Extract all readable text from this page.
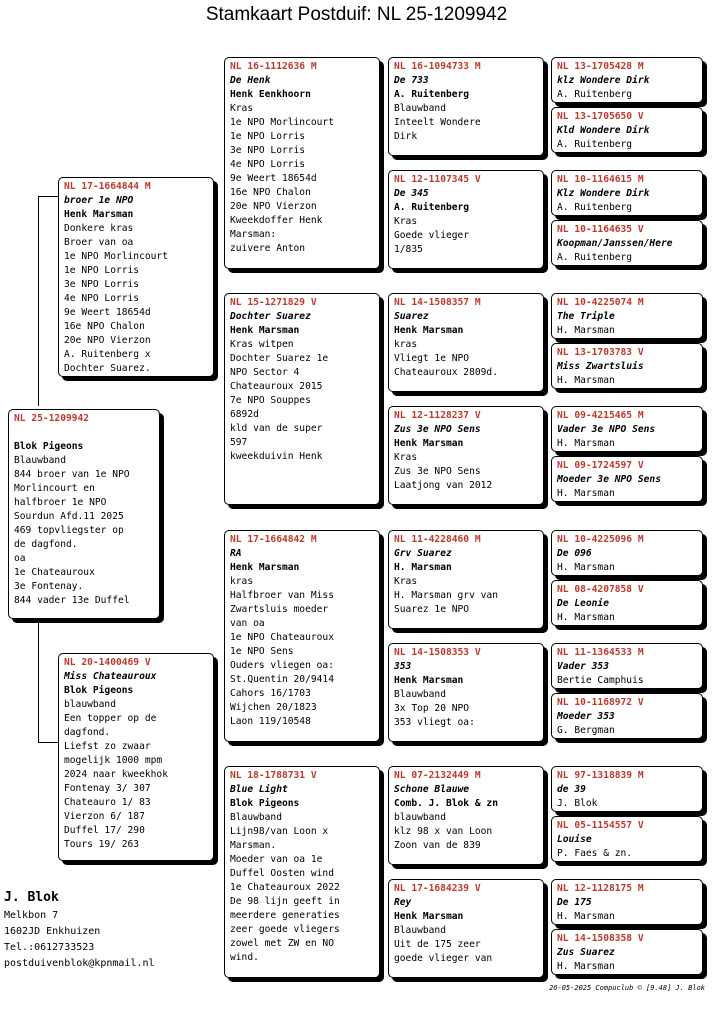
Stamkaart Postduif: NL 25-1209942
NL 25-1209942
Blok Pigeons
Blauwband
844 broer van 1e NPO
Morlincourt en
halfbroer 1e NPO
Sourdun Afd.11 2025
469 topvliegster op
de dagfond.
oa
1e Chateauroux
3e Fontenay.
844 vader 13e Duffel
NL 17-1664844 M
broer 1e NPO
Henk Marsman
Donkere kras
Broer van oa
1e NPO Morlincourt
1e NPO Lorris
3e NPO Lorris
4e NPO Lorris
9e Weert 18654d
16e NPO Chalon
20e NPO Vierzon
A. Ruitenberg x
Dochter Suarez.
NL 20-1400469 V
Miss Chateauroux
Blok Pigeons
blauwband
Een topper op de
dagfond.
Liefst zo zwaar
mogelijk 1000 mpm
2024 naar kweekhok
Fontenay 3/ 307
Chateauro 1/ 83
Vierzon 6/ 187
Duffel 17/ 290
Tours 19/ 263
NL 16-1112636 M
De Henk
Henk Eenkhoorn
Kras
1e NPO Morlincourt
1e NPO Lorris
3e NPO Lorris
4e NPO Lorris
9e Weert 18654d
16e NPO Chalon
20e NPO Vierzon
Kweekdoffer Henk
Marsman:
zuivere Anton
NL 15-1271829 V
Dochter Suarez
Henk Marsman
Kras witpen
Dochter Suarez 1e
NPO Sector 4
Chateauroux 2015
7e NPO Souppes
6892d
kld van de super
597
kweekduivin Henk
NL 17-1664842 M
RA
Henk Marsman
kras
Halfbroer van Miss
Zwartsluis moeder
van oa
1e NPO Chateauroux
1e NPO Sens
Ouders vliegen oa:
St.Quentin 20/9414
Cahors 16/1703
Wijchen 20/1823
Laon 119/10548
NL 18-1788731 V
Blue Light
Blok Pigeons
Blauwband
Lijn98/van Loon x
Marsman.
Moeder van oa 1e
Duffel Oosten wind
1e Chateauroux 2022
De 98 lijn geeft in
meerdere generaties
zeer goede vliegers
zowel met ZW en NO
wind.
NL 16-1094733 M
De 733
A. Ruitenberg
Blauwband
Inteelt Wondere
Dirk
NL 12-1107345 V
De 345
A. Ruitenberg
Kras
Goede vlieger
1/835
NL 14-1508357 M
Suarez
Henk Marsman
kras
Vliegt 1e NPO
Chateauroux 2809d.
NL 12-1128237 V
Zus 3e NPO Sens
Henk Marsman
Kras
Zus 3e NPO Sens
Laatjong van 2012
NL 11-4228460 M
Grv Suarez
H. Marsman
Kras
H. Marsman grv van
Suarez 1e NPO
NL 14-1508353 V
353
Henk Marsman
Blauwband
3x Top 20 NPO
353 vliegt oa:
NL 07-2132449 M
Schone Blauwe
Comb. J. Blok & zn
blauwband
klz 98 x van Loon
Zoon van de 839
NL 17-1684239 V
Rey
Henk Marsman
Blauwband
Uit de 175 zeer
goede vlieger van
NL 13-1705428 M
klz Wondere Dirk
A. Ruitenberg
NL 13-1705650 V
Kld Wondere Dirk
A. Ruitenberg
NL 10-1164615 M
Klz Wondere Dirk
A. Ruitenberg
NL 10-1164635 V
Koopman/Janssen/Here
A. Ruitenberg
NL 10-4225074 M
The Triple
H. Marsman
NL 13-1703783 V
Miss Zwartsluis
H. Marsman
NL 09-4215465 M
Vader 3e NPO Sens
H. Marsman
NL 09-1724597 V
Moeder 3e NPO Sens
H. Marsman
NL 10-4225096 M
De 096
H. Marsman
NL 08-4207858 V
De Leonie
H. Marsman
NL 11-1364533 M
Vader 353
Bertie Camphuis
NL 10-1168972 V
Moeder 353
G. Bergman
NL 97-1318839 M
de 39
J. Blok
NL 05-1154557 V
Louise
P. Faes & zn.
NL 12-1128175 M
De 175
H. Marsman
NL 14-1508358 V
Zus Suarez
H. Marsman
J. Blok
Melkbon 7
1602JD Enkhuizen
Tel.:0612733523
postduivenblok@kpnmail.nl
26-05-2025 Compuclub © [9.48] J. Blok
